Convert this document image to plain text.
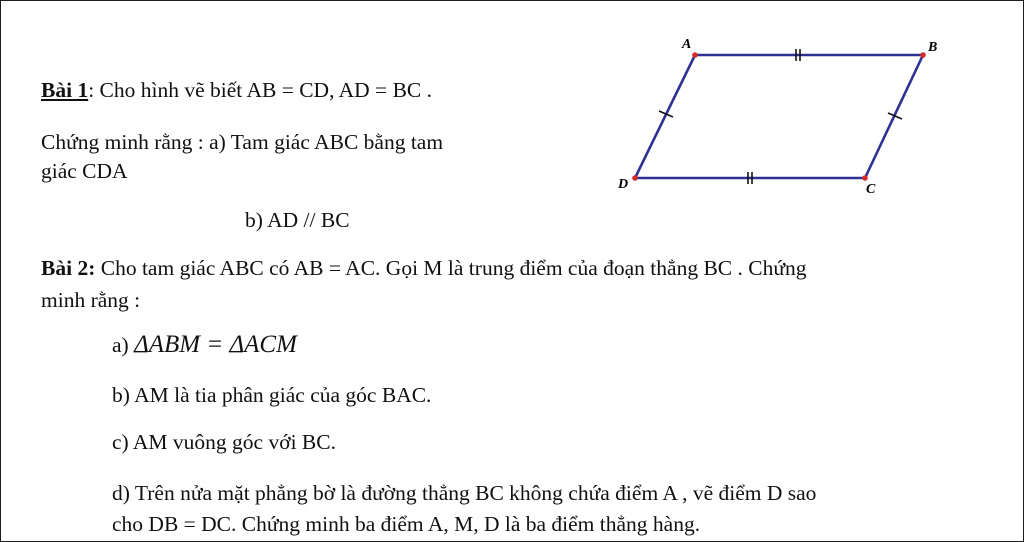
Bài 1: Cho hình vẽ biết AB = CD, AD = BC .
Chứng minh rằng : a) Tam giác ABC bằng tam
giác CDA
b) AD // BC
Bài 2: Cho tam giác ABC có AB = AC. Gọi M là trung điểm của đoạn thẳng BC . Chứng
minh rằng :
a) ΔABM = ΔACM
b) AM là tia phân giác của góc BAC.
c) AM vuông góc với BC.
d) Trên nửa mặt phẳng bờ là đường thẳng BC không chứa điểm A , vẽ điểm D sao
cho DB = DC. Chứng minh ba điểm A, M, D là ba điểm thẳng hàng.
A	B
C
D
